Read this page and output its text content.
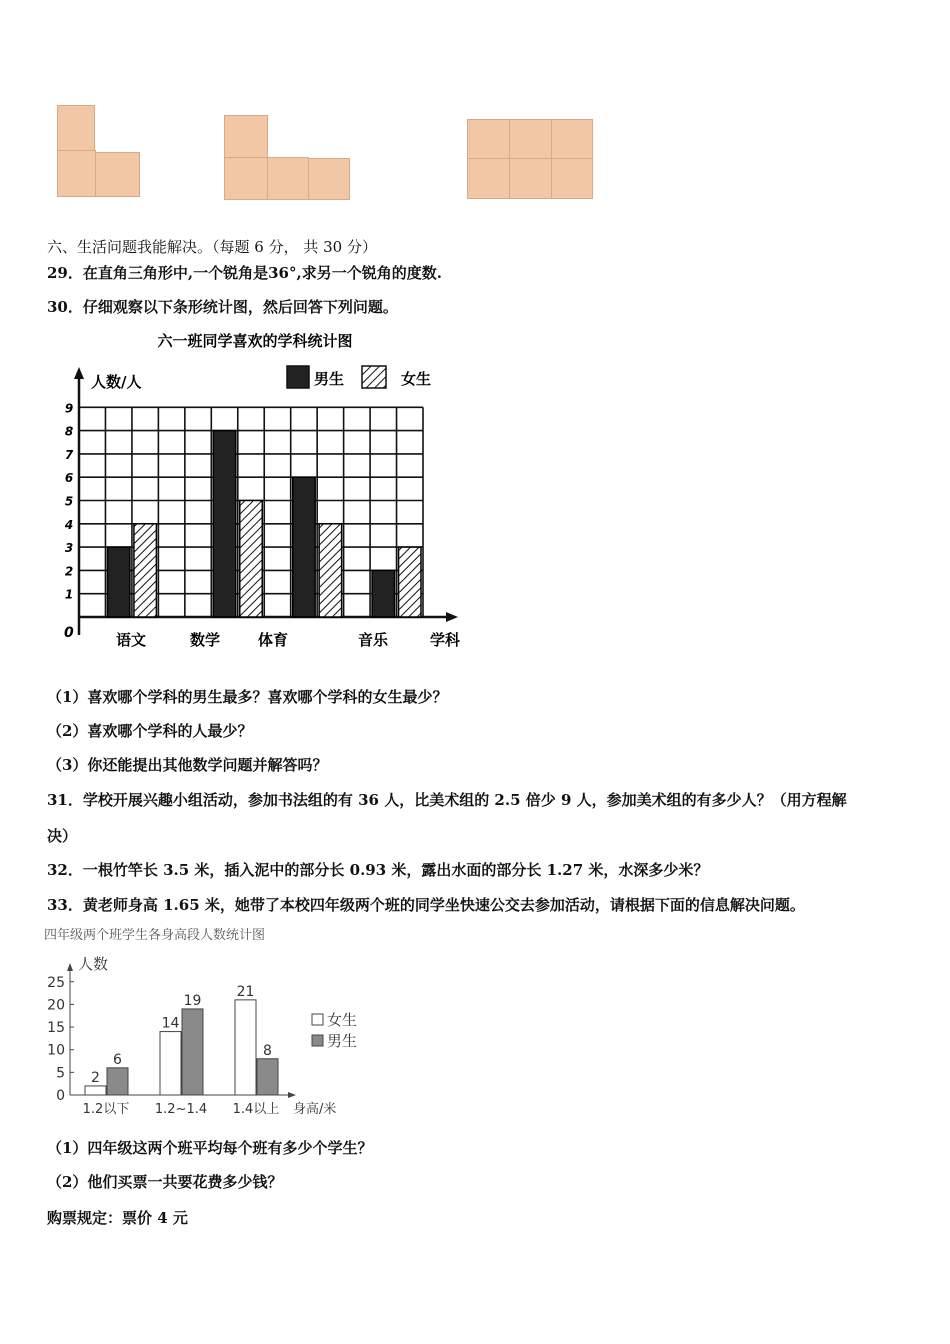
六、生活问题我能解决。（每题 6 分， 共 30 分）
29．在直角三角形中,一个锐角是36°,求另一个锐角的度数.
30．仔细观察以下条形统计图，然后回答下列问题。
六一班同学喜欢的学科统计图
人数/人
学科
0
1
2
3
4
5
6
7
8
9
男生	女生
语文	数学	体育	音乐
（1）喜欢哪个学科的男生最多？喜欢哪个学科的女生最少？
（2）喜欢哪个学科的人最少？
（3）你还能提出其他数学问题并解答吗？
31．学校开展兴趣小组活动，参加书法组的有 36 人，比美术组的 2.5 倍少 9 人，参加美术组的有多少人？（用方程解
决）
32．一根竹竿长 3.5 米，插入泥中的部分长 0.93 米，露出水面的部分长 1.27 米，水深多少米？
33．黄老师身高 1.65 米，她带了本校四年级两个班的同学坐快速公交去参加活动，请根据下面的信息解决问题。
四年级两个班学生各身高段人数统计图
人数
身高/米
0
5
10
15
20
25
2
6
1.2以下
14
19
1.2~1.4
21
8
1.4以上
女生
男生
（1）四年级这两个班平均每个班有多少个学生？
（2）他们买票一共要花费多少钱？
购票规定：票价 4 元
